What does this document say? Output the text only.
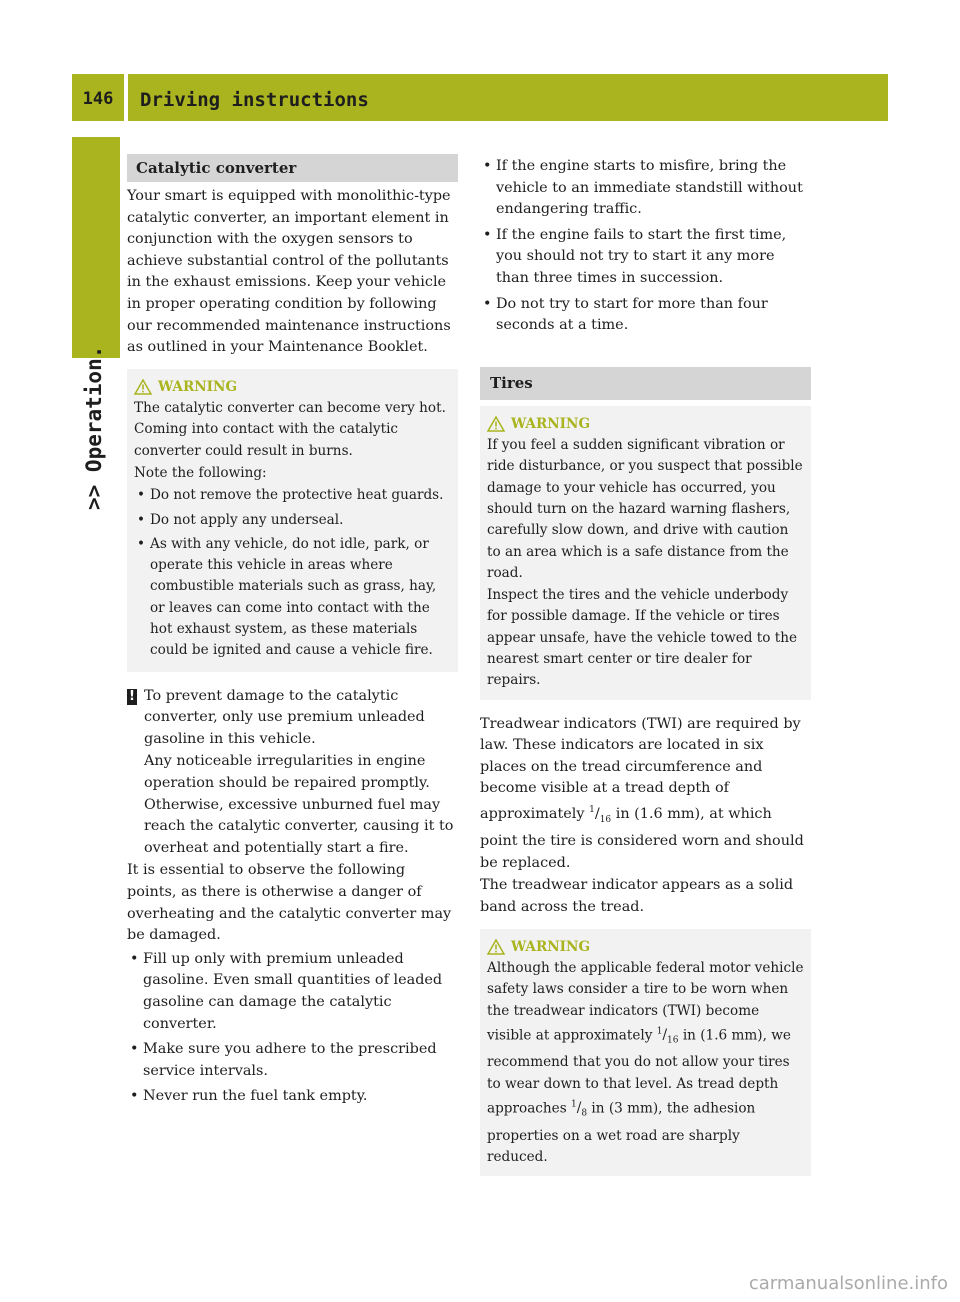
146	Driving instructions
>> Operation.
Catalytic converter

Your smart is equipped with monolithic-type catalytic converter, an important element in conjunction with the oxygen sensors to achieve substantial control of the pollutants in the exhaust emissions. Keep your vehicle in proper operating condition by following our recommended maintenance instructions as outlined in your Maintenance Booklet.

WARNING

The catalytic converter can become very hot. Coming into contact with the catalytic converter could result in burns.

Note the following:

• Do not remove the protective heat guards.
• Do not apply any underseal.
• As with any vehicle, do not idle, park, or operate this vehicle in areas where combustible materials such as grass, hay, or leaves can come into contact with the hot exhaust system, as these materials could be ignited and cause a vehicle fire.
! To prevent damage to the catalytic converter, only use premium unleaded gasoline in this vehicle.

Any noticeable irregularities in engine operation should be repaired promptly. Otherwise, excessive unburned fuel may reach the catalytic converter, causing it to overheat and potentially start a fire.

It is essential to observe the following points, as there is otherwise a danger of overheating and the catalytic converter may be damaged.

• Fill up only with premium unleaded gasoline. Even small quantities of leaded gasoline can damage the catalytic converter.
• Make sure you adhere to the prescribed service intervals.
• Never run the fuel tank empty.
• If the engine starts to misfire, bring the vehicle to an immediate standstill without endangering traffic.
• If the engine fails to start the first time, you should not try to start it any more than three times in succession.
• Do not try to start for more than four seconds at a time.
Tires
WARNING

If you feel a sudden significant vibration or ride disturbance, or you suspect that possible damage to your vehicle has occurred, you should turn on the hazard warning flashers, carefully slow down, and drive with caution to an area which is a safe distance from the road.

Inspect the tires and the vehicle underbody for possible damage. If the vehicle or tires appear unsafe, have the vehicle towed to the nearest smart center or tire dealer for repairs.

Treadwear indicators (TWI) are required by law. These indicators are located in six places on the tread circumference and become visible at a tread depth of approximately $^1/_{16}$ in (1.6 mm), at which point the tire is considered worn and should be replaced.

The treadwear indicator appears as a solid band across the tread.

WARNING

Although the applicable federal motor vehicle safety laws consider a tire to be worn when the treadwear indicators (TWI) become visible at approximately $^1/_{16}$ in (1.6 mm), we recommend that you do not allow your tires to wear down to that level. As tread depth approaches $^1/_8$ in (3 mm), the adhesion properties on a wet road are sharply reduced.

carmanualsonline.info
